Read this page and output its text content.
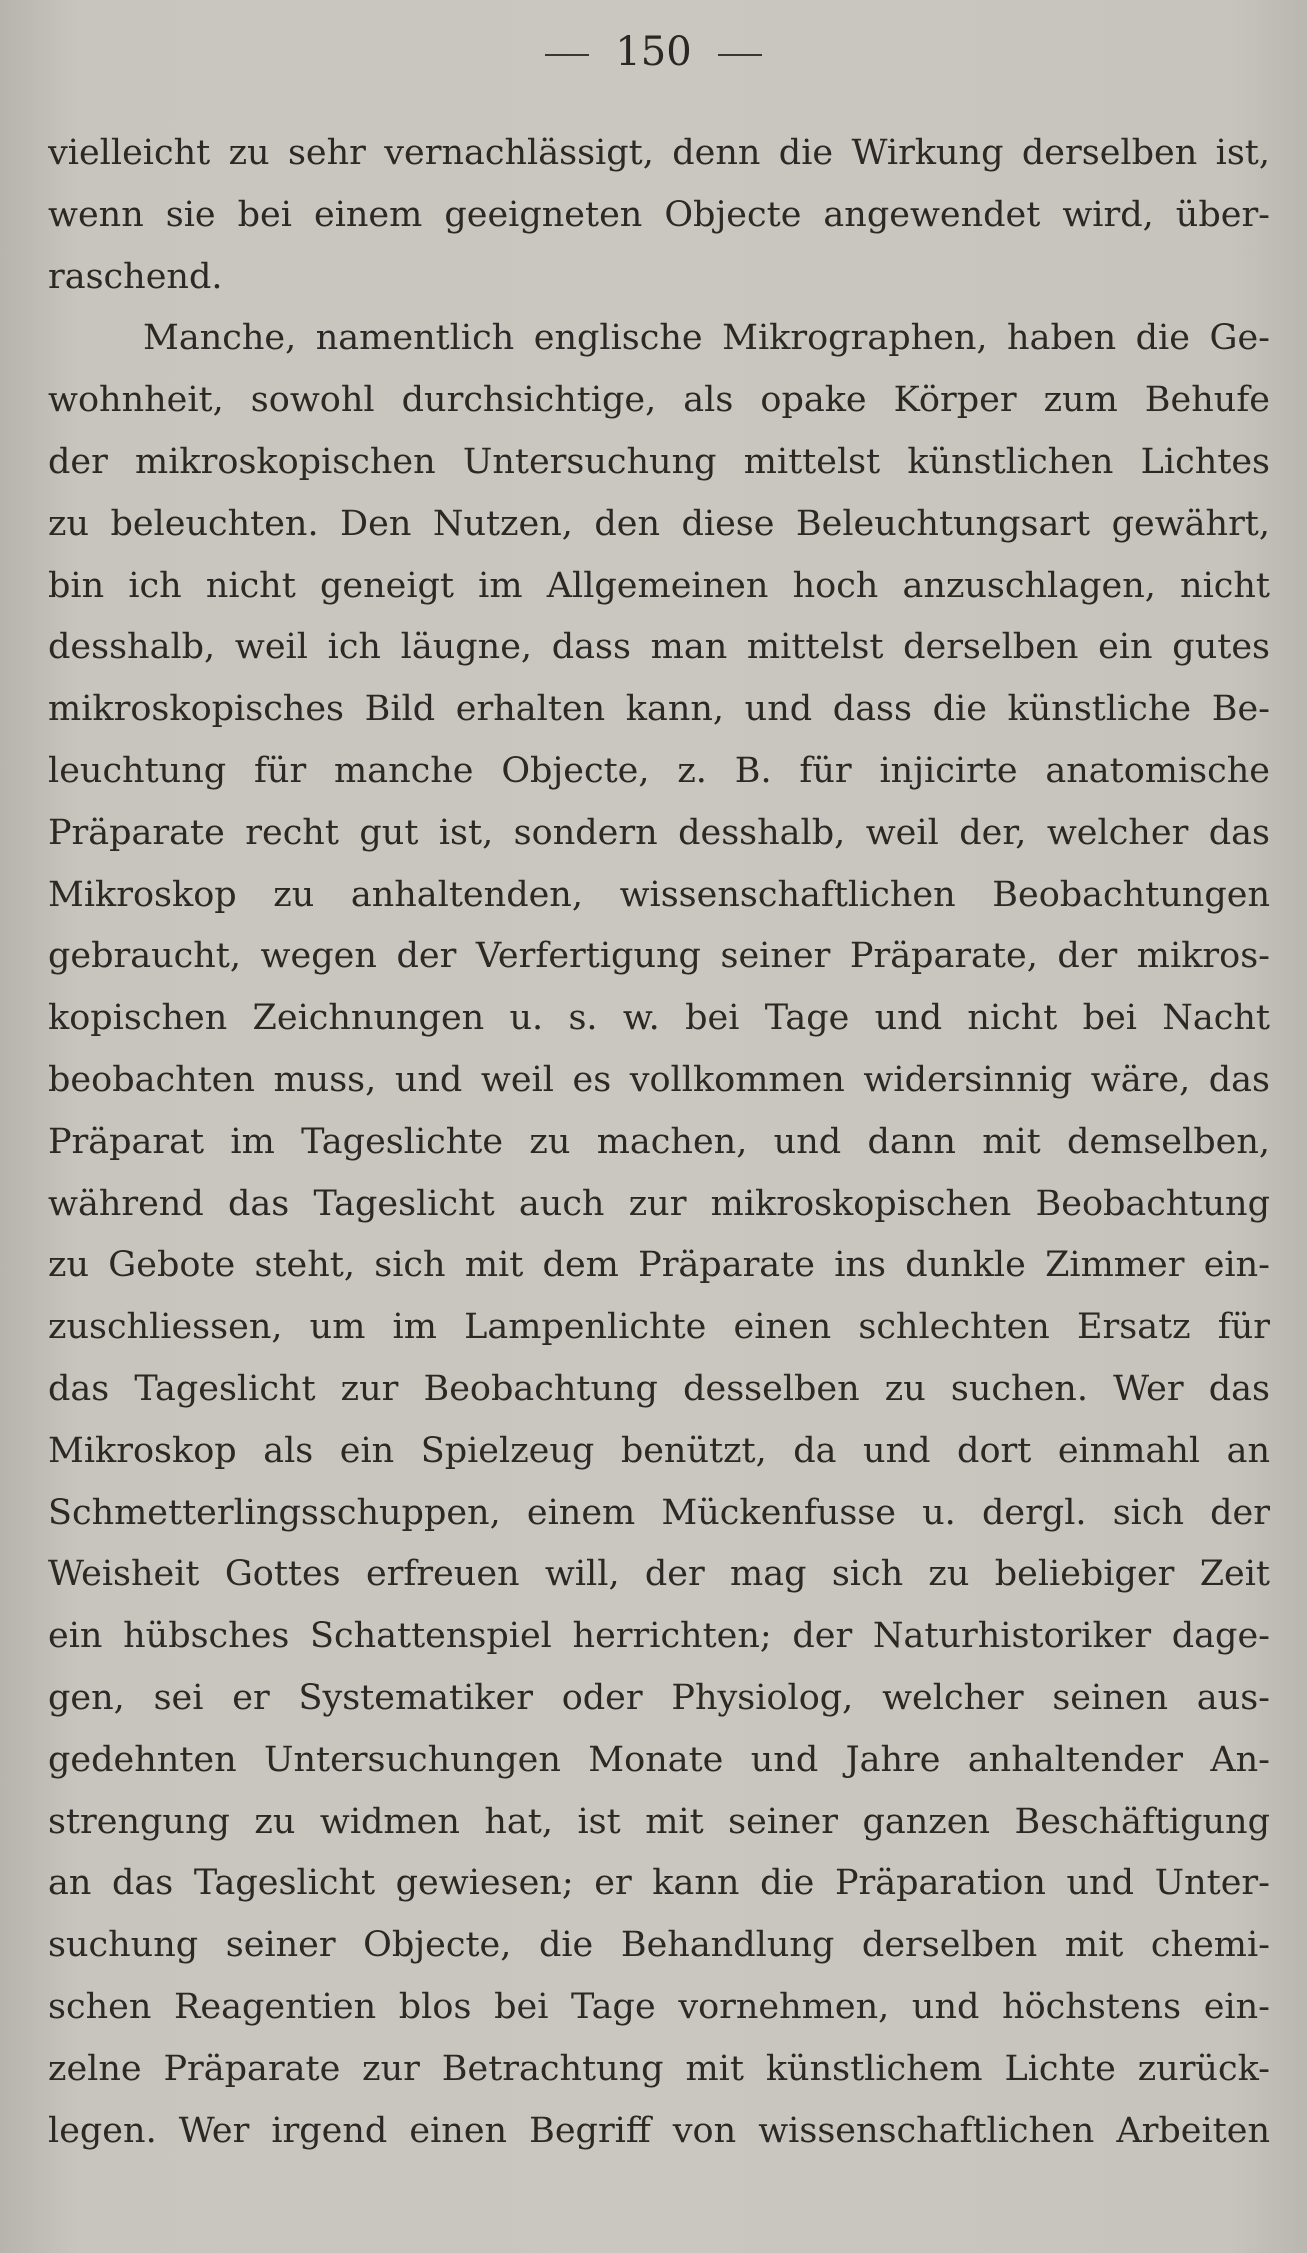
150
vielleicht zu sehr vernachlässigt, denn die Wirkung derselben ist,
wenn sie bei einem geeigneten Objecte angewendet wird, über-
raschend.
Manche, namentlich englische Mikrographen, haben die Ge-
wohnheit, sowohl durchsichtige, als opake Körper zum Behufe
der mikroskopischen Untersuchung mittelst künstlichen Lichtes
zu beleuchten. Den Nutzen, den diese Beleuchtungsart gewährt,
bin ich nicht geneigt im Allgemeinen hoch anzuschlagen, nicht
desshalb, weil ich läugne, dass man mittelst derselben ein gutes
mikroskopisches Bild erhalten kann, und dass die künstliche Be-
leuchtung für manche Objecte, z. B. für injicirte anatomische
Präparate recht gut ist, sondern desshalb, weil der, welcher das
Mikroskop zu anhaltenden, wissenschaftlichen Beobachtungen
gebraucht, wegen der Verfertigung seiner Präparate, der mikros-
kopischen Zeichnungen u. s. w. bei Tage und nicht bei Nacht
beobachten muss, und weil es vollkommen widersinnig wäre, das
Präparat im Tageslichte zu machen, und dann mit demselben,
während das Tageslicht auch zur mikroskopischen Beobachtung
zu Gebote steht, sich mit dem Präparate ins dunkle Zimmer ein-
zuschliessen, um im Lampenlichte einen schlechten Ersatz für
das Tageslicht zur Beobachtung desselben zu suchen. Wer das
Mikroskop als ein Spielzeug benützt, da und dort einmahl an
Schmetterlingsschuppen, einem Mückenfusse u. dergl. sich der
Weisheit Gottes erfreuen will, der mag sich zu beliebiger Zeit
ein hübsches Schattenspiel herrichten; der Naturhistoriker dage-
gen, sei er Systematiker oder Physiolog, welcher seinen aus-
gedehnten Untersuchungen Monate und Jahre anhaltender An-
strengung zu widmen hat, ist mit seiner ganzen Beschäftigung
an das Tageslicht gewiesen; er kann die Präparation und Unter-
suchung seiner Objecte, die Behandlung derselben mit chemi-
schen Reagentien blos bei Tage vornehmen, und höchstens ein-
zelne Präparate zur Betrachtung mit künstlichem Lichte zurück-
legen. Wer irgend einen Begriff von wissenschaftlichen Arbeiten
